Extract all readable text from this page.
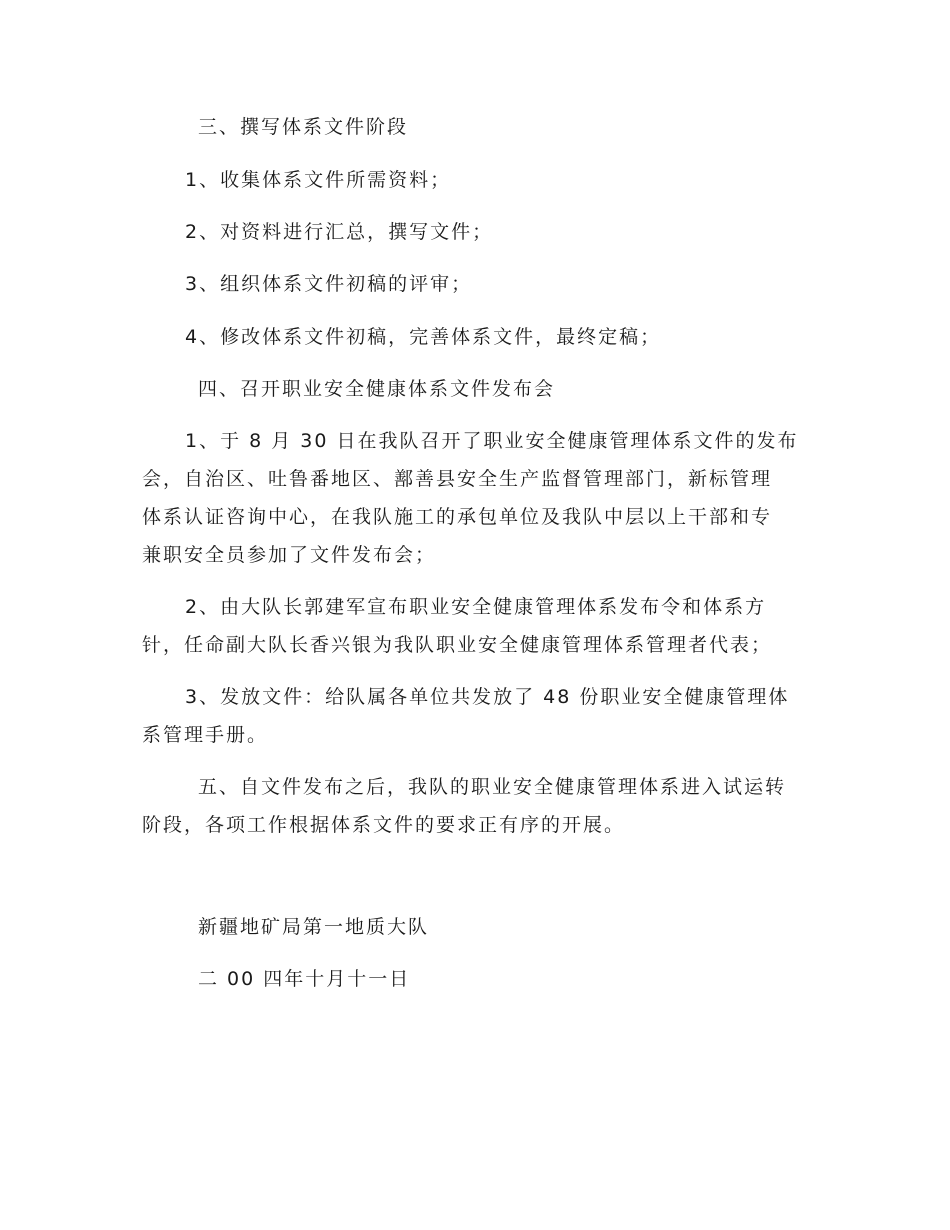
三、撰写体系文件阶段
1、收集体系文件所需资料；
2、对资料进行汇总，撰写文件；
3、组织体系文件初稿的评审；
4、修改体系文件初稿，完善体系文件，最终定稿；
四、召开职业安全健康体系文件发布会
1、于 8 月 30 日在我队召开了职业安全健康管理体系文件的发布
会，自治区、吐鲁番地区、鄯善县安全生产监督管理部门，新标管理
体系认证咨询中心，在我队施工的承包单位及我队中层以上干部和专
兼职安全员参加了文件发布会；
2、由大队长郭建军宣布职业安全健康管理体系发布令和体系方
针，任命副大队长香兴银为我队职业安全健康管理体系管理者代表；
3、发放文件：给队属各单位共发放了 48 份职业安全健康管理体
系管理手册。
五、自文件发布之后，我队的职业安全健康管理体系进入试运转
阶段，各项工作根据体系文件的要求正有序的开展。
新疆地矿局第一地质大队
二 00 四年十月十一日
